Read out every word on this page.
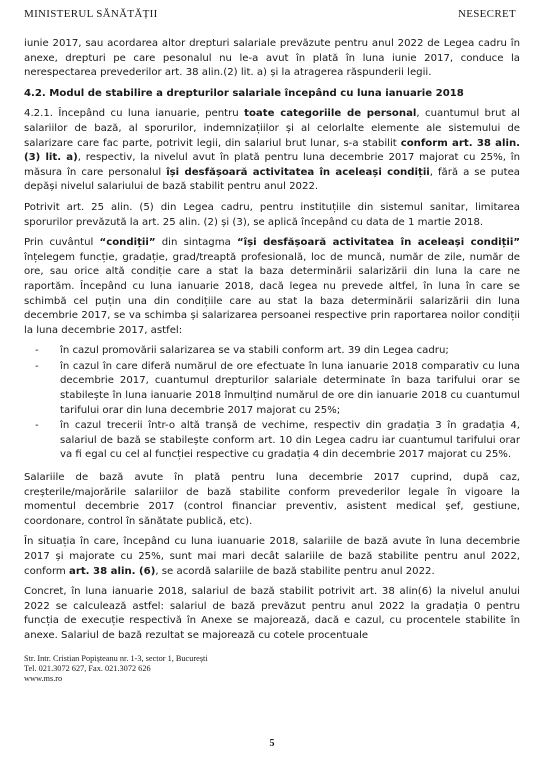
MINISTERUL SĂNĂTĂȚII	NESECRET

iunie 2017, sau acordarea altor drepturi salariale prevăzute pentru anul 2022 de Legea cadru în anexe, drepturi pe care pesonalul nu le-a avut în plată în luna iunie 2017, conduce la nerespectarea prevederilor art. 38 alin.(2) lit. a) și la atragerea răspunderii legii.

4.2. Modul de stabilire a drepturilor salariale începând cu luna ianuarie 2018

4.2.1. Începând cu luna ianuarie, pentru toate categoriile de personal, cuantumul brut al salariilor de bază, al sporurilor, indemnizațiilor și al celorlalte elemente ale sistemului de salarizare care fac parte, potrivit legii, din salariul brut lunar, s-a stabilit conform art. 38 alin.(3) lit. a), respectiv, la nivelul avut în plată pentru luna decembrie 2017 majorat cu 25%, în măsura în care personalul își desfășoară activitatea în aceleași condiții, fără a se putea depăși nivelul salariului de bază stabilit pentru anul 2022.

Potrivit art. 25 alin. (5) din Legea cadru, pentru instituțiile din sistemul sanitar, limitarea sporurilor prevăzută la art. 25 alin. (2) și (3), se aplică începând cu data de 1 martie 2018.

Prin cuvântul “condiții” din sintagma “își desfășoară activitatea în aceleași condiții” înțelegem funcție, gradație, grad/treaptă profesională, loc de muncă, număr de zile, număr de ore, sau orice altă condiție care a stat la baza determinării salarizării din luna la care ne raportăm. Începând cu luna ianuarie 2018, dacă legea nu prevede altfel, în luna în care se schimbă cel puțin una din condițiile care au stat la baza determinării salarizării din luna decembrie 2017, se va schimba și salarizarea persoanei respective prin raportarea noilor condiții la luna decembrie 2017, astfel:

- în cazul promovării salarizarea se va stabili conform art. 39 din Legea cadru;
- în cazul în care diferă numărul de ore efectuate în luna ianuarie 2018 comparativ cu luna decembrie 2017, cuantumul drepturilor salariale determinate în baza tarifului orar se stabilește în luna ianuarie 2018 înmulțind numărul de ore din ianuarie 2018 cu cuantumul tarifului orar din luna decembrie 2017 majorat cu 25%;
- în cazul trecerii într-o altă tranșă de vechime, respectiv din gradația 3 în gradația 4, salariul de bază se stabilește conform art. 10 din Legea cadru iar cuantumul tarifului orar va fi egal cu cel al funcției respective cu gradația 4 din decembrie 2017 majorat cu 25%.

Salariile de bază avute în plată pentru luna decembrie 2017 cuprind, după caz, creșterile/majorările salariilor de bază stabilite conform prevederilor legale în vigoare la momentul decembrie 2017 (control financiar preventiv, asistent medical șef, gestiune, coordonare, control în sănătate publică, etc).

În situația în care, începând cu luna iuanuarie 2018, salariile de bază avute în luna decembrie 2017 și majorate cu 25%, sunt mai mari decât salariile de bază stabilite pentru anul 2022, conform art. 38 alin. (6), se acordă salariile de bază stabilite pentru anul 2022.

Concret, în luna ianuarie 2018, salariul de bază stabilit potrivit art. 38 alin(6) la nivelul anului 2022 se calculează astfel: salariul de bază prevăzut pentru anul 2022 la gradația 0 pentru funcția de execuție respectivă în Anexe se majorează, dacă e cazul, cu procentele stabilite în anexe. Salariul de bază rezultat se majorează cu cotele procentuale

Str. Intr. Cristian Popișteanu nr. 1-3, sector 1, București
Tel. 021.3072 627, Fax. 021.3072 626
www.ms.ro
5
